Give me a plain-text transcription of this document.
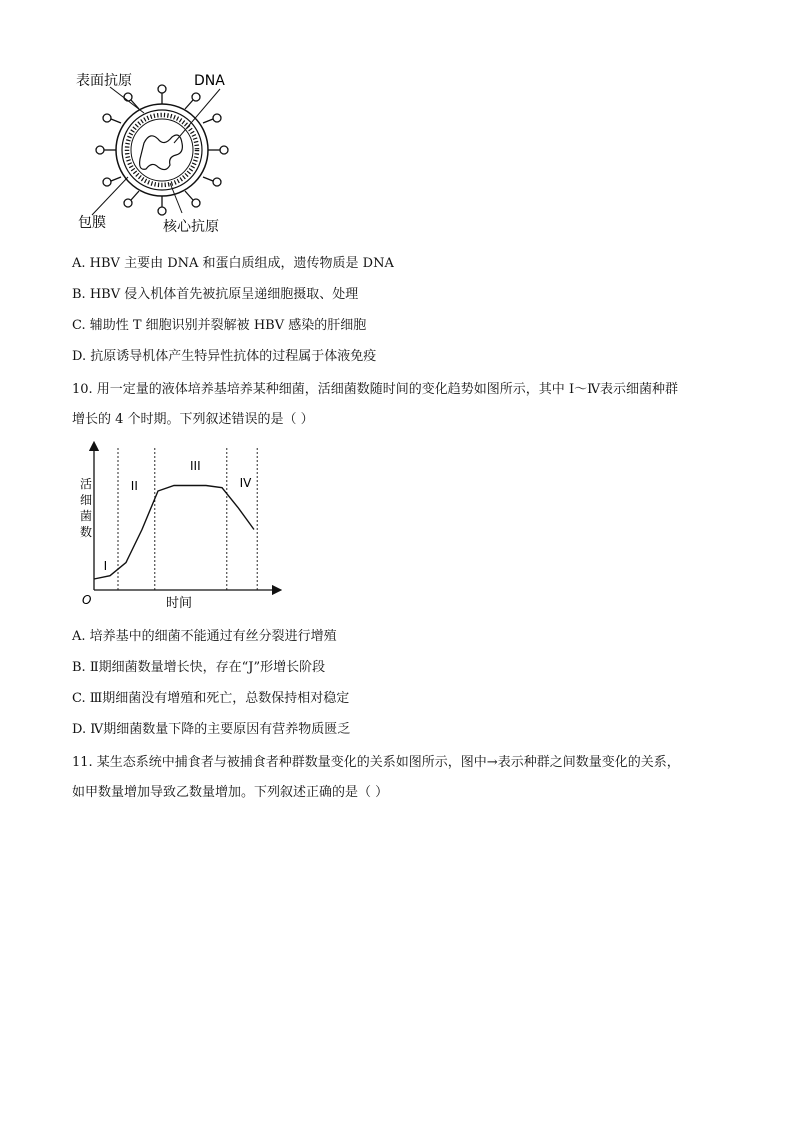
表面抗原	DNA
包膜	核心抗原
A. HBV 主要由 DNA 和蛋白质组成，遗传物质是 DNA
B. HBV 侵入机体首先被抗原呈递细胞摄取、处理
C. 辅助性 T 细胞识别并裂解被 HBV 感染的肝细胞
D. 抗原诱导机体产生特异性抗体的过程属于体液免疫
10. 用一定量的液体培养基培养某种细菌，活细菌数随时间的变化趋势如图所示，其中 Ⅰ～Ⅳ表示细菌种群
增长的 4 个时期。下列叙述错误的是（ ）
I
II
III
IV
活
细
菌
数
O	时间
A. 培养基中的细菌不能通过有丝分裂进行增殖
B. Ⅱ期细菌数量增长快，存在“J”形增长阶段
C. Ⅲ期细菌没有增殖和死亡，总数保持相对稳定
D. Ⅳ期细菌数量下降的主要原因有营养物质匮乏
11. 某生态系统中捕食者与被捕食者种群数量变化的关系如图所示，图中→表示种群之间数量变化的关系，
如甲数量增加导致乙数量增加。下列叙述正确的是（ ）
